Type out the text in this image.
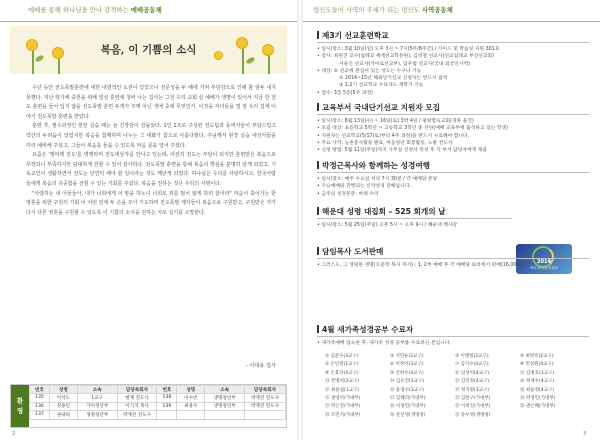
예배를 통해 하나님을 만나 감격하는 예배공동체
복음, 이 기쁨의 소식

수년 동안 전도폭발훈련에 대한 내면적인 도전이 있었으나 전문성을 두 해에 거쳐 부담감으로 인해 할 엄두 내지 못했다. 지난 학기에 중전을 위해 열심 훈련에 청바 나는 집사는 그전 우리 교회 실 예배가 생명이 있어서 지금 한 전도 훈련을 들어 입지 않을 전도폭발 훈련 두개가 주께 아닌 생애 중에 무엇인가. 이것을 자녀들을 열 장 우리 집에 이야기 전도폭발 훈련을 받았다.

훈련 후, 필수과정인 현장 실습 때는 늘 긴장감이 감돌았다. 1인 1조로 구성된 전도팀과 동역자들이 부담스럽고 약간의 두려움이 있었지만 복음을 함께하며 나누는 그 대화가 참으로 아름다웠다. 주님께서 현장 실습 대상자들을 미리 예비해 주셨고, 그들이 복음을 들을 수 있도록 마음 문을 열어 주셨다.

요즘은 '행여행 전도'를 병행하며 전도대상자를 만나고 있는데, 여전히 전도는 부담이 되지만 훈련받은 복음으로 무장되니 부족하지만 담대하게 전할 수 있어 감사하다. 전도폭발 훈련을 통해 복음의 핵심을 분명히 알게 되었고, 기독교인이 생활하면서 전도는 당연히 해야 할 일이라는 것도 깨닫게 되었다. 하나님은 우리를 사랑하시고, 한국사람들에게 복음의 귀중함을 전할 수 있는 기회를 주셨다. 복음을 전하는 것은 우리의 사명이다.

"사랑하는 내 아들들아, 내가 너희에게 이 말을 하노니 너희로 죄를 범치 않게 하려 함이라" 마음이 축어가는 한 영혼을 위한 구원의 기회 이 어떤 일에 두 손을 모아 기도하며 전도폭발 제자들이 복음으로 구원받고, 구원받은 자가 다시 다른 영혼을 구원할 수 있도록 이 기쁨의 소식을 전하는 자로 살기를 소망한다.

- 이대용 집사
환
영
번호	성명	소속	담당목회자	번호	성명	소속	담당목회자
135	이석도	1교구	현제 전도사	138	이수빈	생명청년부	박재진 전도사
136	정용인	가이청년부	이기색 목사	139	최용수	생명청년부	박재진 전도사
137	권대희	생명청년부	박재진 전도사				
2
평신도들이 사역의 주체가 되는 평신도 사역공동체
제3기 선교훈련학교
• 일시/장소: 3월 10일(일) 오후 3시 ~ 7시(5주/8주간) / 가이드 및 학습실 지원 301호
• 강사: 최원진 교수(침례교 세계선교학문원), 김영철 선교사(선교침례교 부산선교회)
서울신 선교사(카이로선교부), 임우범 선교사(국내 외국인사역)
• 대상: ① 선교에 관심이 있는 성도는 누구나 가능
② 2014~15년 해외단기선교 신청자는 반드시 참석
③ 1,2기 선교학교 수료자도 재학기 가능
• 접수: 3층 5층(5주 과정)
교육부서 국내단기선교 지원자 모집
• 일시/장소: 8월 13일(수) ~ 16일(토) 3박 4일 / 평창합숙교회(경북 울진)
• 모집 대상: 초등학교 5학년 ~ 고등학교 3학년 중 선한(예배 교육부에 출석하고 있는 학생)
• 지원자는 선교학교(5/17(토)부터 4주 과정)을 반드시 수료해야 합니다.
• 주요 사역: 농촌봉사활동 발표, 마을청년 회봉활동, 노방 전도사
• 신청 방법: 5월 11일(주일)까지 사무실 신청서 작성 후 각 부서 담당자에게 제출
박정근목사와 함께하는 성경여행
• 일시/장소: 매주 수요일 저녁 7시 30분 / 각 예배당 본당
• 수요예배와 진행되는 신약성경 강해입니다.
• 금주의 성경본문: 마태 수리
해운대 성령 대집회 – 525 회개의 날
• 일시/장소: 5월 25일(주일) 오후 5시 ~ 오후 9시 / 해운대 백사장
2014
해운대성령대집회
담임목사 도서판매
• 그러스도, 그 영원한 생명(오준학 목사 저서) : 1, 2부 예배 후 각 예배당 로비에서 판매(16,000원)
4월 새가족성경공부 수료자
• 새가족예배 엄숙한 후, 새가족 성경 공부를 수료하신 분입니다.
① 김준수(3교구)	② 서민순(2교구)	③ 이행원(2교구)	④ 최명옥(2교구)
⑤ 손인철(1교구)	⑥ 이정아(3교구)	⑦ 김지수(4교구)	⑧ 민성원(4교구)
⑨ 손효석(4교구)	⑩ 신현우(4교구)	⑪ 임성미(4교구)	⑫ 김정호(3교구)
⑬ 강명희(2교구)	⑭ 김유진(3교구)	⑮ 김민정(4교구)	⑯ 정재우(4교구)
⑰ 최용섭(1교구)	⑱ 윤경수(3교구)	⑲ 정지원(3교구)	⑳ 최윤정(4교구)
㉑ 권영미(가대부)	㉒ 김혜리(가대부)	㉓ 김한구(가대부)	㉔ 박경민(가대부)
㉕ 박은진(가대부)	㉖ 이경민(가대부)	㉗ 이희진(가대부)	㉘ 권은혜(가대부)
㉙ 조민지(가대부)	㉚ 문선영(생명청)	㉛ 송우영(생명청)
3
